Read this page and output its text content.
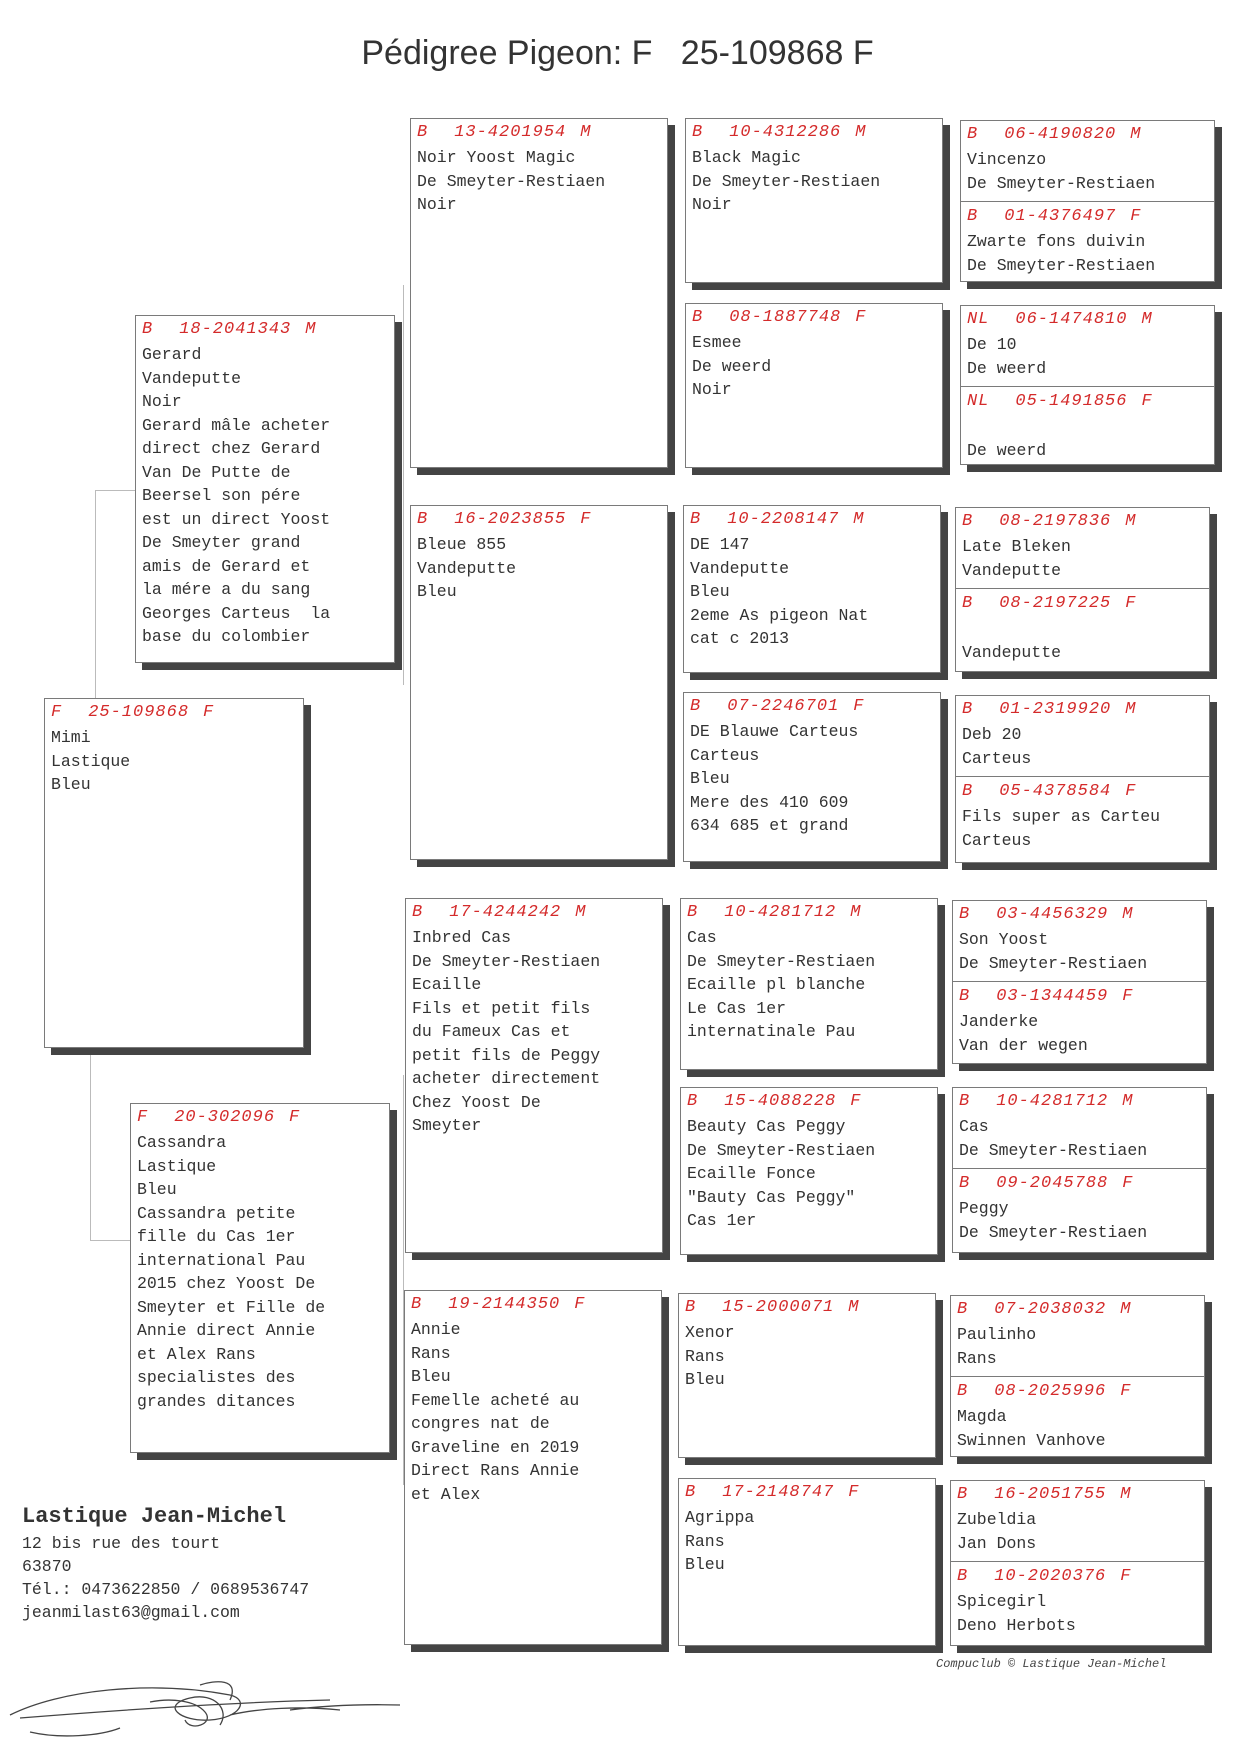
Pédigree Pigeon: F   25-109868 F
F 25-109868 F
Mimi
Lastique
Bleu
B 18-2041343 M
Gerard
Vandeputte
Noir
Gerard mâle acheter
direct chez Gerard
Van De Putte de
Beersel son pére
est un direct Yoost
De Smeyter grand
amis de Gerard et
la mére a du sang
Georges Carteus  la
base du colombier
F 20-302096 F
Cassandra
Lastique
Bleu
Cassandra petite
fille du Cas 1er
international Pau
2015 chez Yoost De
Smeyter et Fille de
Annie direct Annie
et Alex Rans
specialistes des
grandes ditances
B 13-4201954 M
Noir Yoost Magic
De Smeyter-Restiaen
Noir
B 16-2023855 F
Bleue 855
Vandeputte
Bleu
B 17-4244242 M
Inbred Cas
De Smeyter-Restiaen
Ecaille
Fils et petit fils
du Fameux Cas et
petit fils de Peggy
acheter directement
Chez Yoost De
Smeyter
B 19-2144350 F
Annie
Rans
Bleu
Femelle acheté au
congres nat de
Graveline en 2019
Direct Rans Annie
et Alex
B 10-4312286 M
Black Magic
De Smeyter-Restiaen
Noir
B 08-1887748 F
Esmee
De weerd
Noir
B 10-2208147 M
DE 147
Vandeputte
Bleu
2eme As pigeon Nat
cat c 2013
B 07-2246701 F
DE Blauwe Carteus
Carteus
Bleu
Mere des 410 609
634 685 et grand
B 10-4281712 M
Cas
De Smeyter-Restiaen
Ecaille pl blanche
Le Cas 1er
internatinale Pau
B 15-4088228 F
Beauty Cas Peggy
De Smeyter-Restiaen
Ecaille Fonce
"Bauty Cas Peggy"
Cas 1er
B 15-2000071 M
Xenor
Rans
Bleu
B 17-2148747 F
Agrippa
Rans
Bleu
B 06-4190820 M
Vincenzo
De Smeyter-Restiaen
B 01-4376497 F
Zwarte fons duivin
De Smeyter-Restiaen
NL 06-1474810 M
De 10
De weerd
NL 05-1491856 F

De weerd
B 08-2197836 M
Late Bleken
Vandeputte
B 08-2197225 F

Vandeputte
B 01-2319920 M
Deb 20
Carteus
B 05-4378584 F
Fils super as Carteu
Carteus
B 03-4456329 M
Son Yoost
De Smeyter-Restiaen
B 03-1344459 F
Janderke
Van der wegen
B 10-4281712 M
Cas
De Smeyter-Restiaen
B 09-2045788 F
Peggy
De Smeyter-Restiaen
B 07-2038032 M
Paulinho
Rans
B 08-2025996 F
Magda
Swinnen Vanhove
B 16-2051755 M
Zubeldia
Jan Dons
B 10-2020376 F
Spicegirl
Deno Herbots
Lastique Jean-Michel
12 bis rue des tourt
63870
Tél.: 0473622850 / 0689536747
jeanmilast63@gmail.com
Compuclub © Lastique Jean-Michel
